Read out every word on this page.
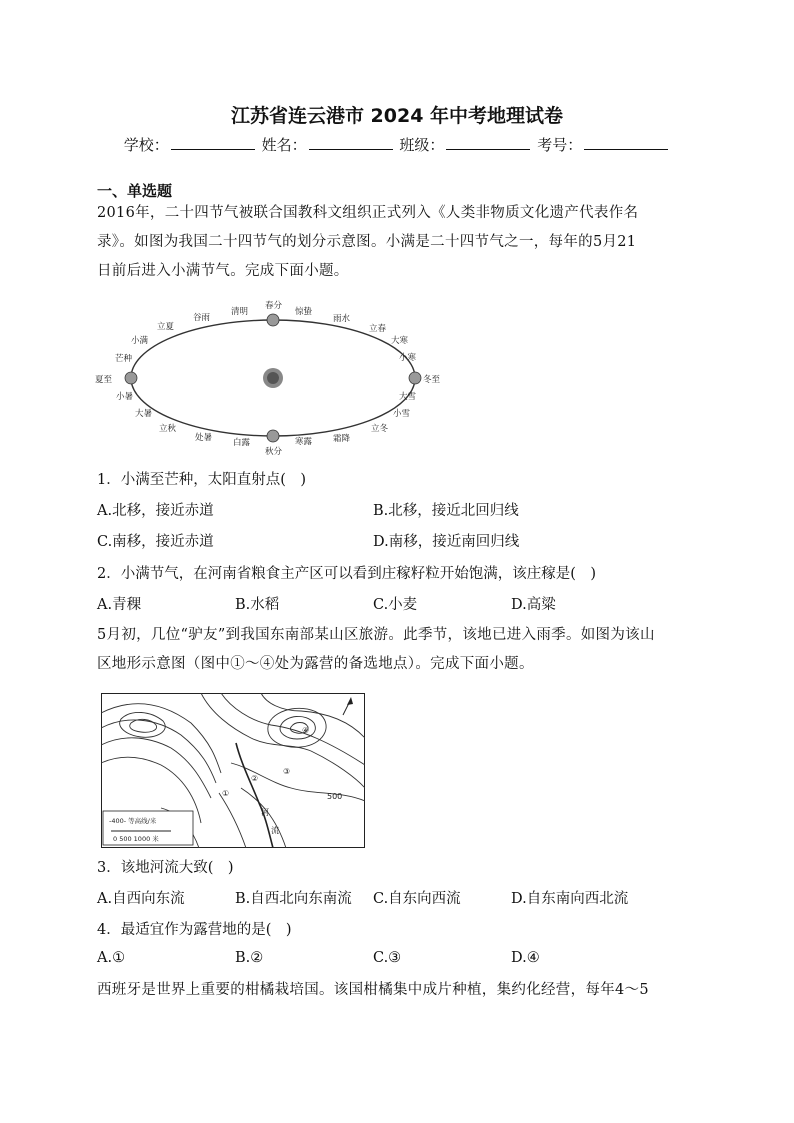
江苏省连云港市 2024 年中考地理试卷
学校：	姓名：	班级：	考号：
一、单选题
2016年，二十四节气被联合国教科文组织正式列入《人类非物质文化遗产代表作名
录》。如图为我国二十四节气的划分示意图。小满是二十四节气之一，每年的5月21
日前后进入小满节气。完成下面小题。
春分
惊蛰
雨水
立春
大寒
小寒
冬至
大雪
小雪
立冬
霜降
寒露
秋分
白露
处暑
立秋
大暑
小暑
夏至
芒种
小满
立夏
谷雨
清明
1．小满至芒种，太阳直射点(　)
A.北移，接近赤道	B.北移，接近北回归线
C.南移，接近赤道	D.南移，接近南回归线
2．小满节气，在河南省粮食主产区可以看到庄稼籽粒开始饱满，该庄稼是(　)
A.青稞	B.水稻	C.小麦	D.高粱
5月初，几位“驴友”到我国东南部某山区旅游。此季节，该地已进入雨季。如图为该山
区地形示意图（图中①～④处为露营的备选地点）。完成下面小题。
500
河
流
①
②
③
④
-400- 等高线/米
0 500 1000 米
3．该地河流大致(　)
A.自西向东流	B.自西北向东南流 C.自东向西流	D.自东南向西北流
4．最适宜作为露营地的是(　)
A.①	B.②	C.③	D.④
西班牙是世界上重要的柑橘栽培国。该国柑橘集中成片种植，集约化经营，每年4～5
